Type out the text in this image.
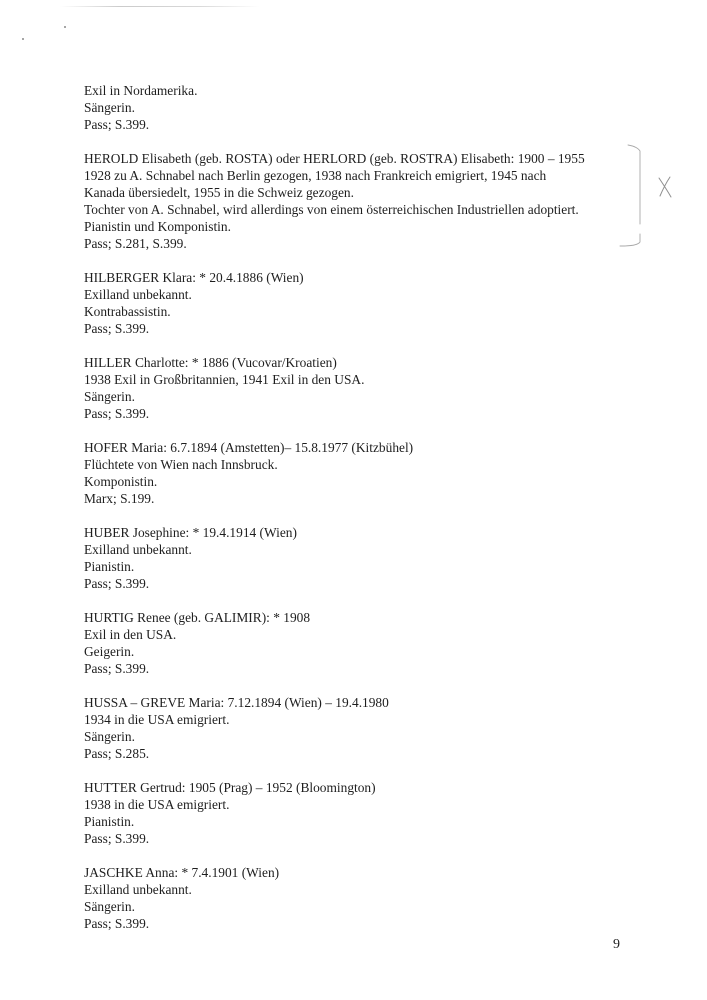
Exil in Nordamerika.
Sängerin.
Pass; S.399.
HEROLD Elisabeth (geb. ROSTA) oder HERLORD (geb. ROSTRA) Elisabeth: 1900 – 1955
1928 zu A. Schnabel nach Berlin gezogen, 1938 nach Frankreich emigriert, 1945 nach
Kanada übersiedelt, 1955 in die Schweiz gezogen.
Tochter von A. Schnabel, wird allerdings von einem österreichischen Industriellen adoptiert.
Pianistin und Komponistin.
Pass; S.281, S.399.
HILBERGER Klara: * 20.4.1886 (Wien)
Exilland unbekannt.
Kontrabassistin.
Pass; S.399.
HILLER Charlotte: * 1886 (Vucovar/Kroatien)
1938 Exil in Großbritannien, 1941 Exil in den USA.
Sängerin.
Pass; S.399.
HOFER Maria: 6.7.1894 (Amstetten)– 15.8.1977 (Kitzbühel)
Flüchtete von Wien nach Innsbruck.
Komponistin.
Marx; S.199.
HUBER Josephine: * 19.4.1914 (Wien)
Exilland unbekannt.
Pianistin.
Pass; S.399.
HURTIG Renee (geb. GALIMIR): * 1908
Exil in den USA.
Geigerin.
Pass; S.399.
HUSSA – GREVE Maria: 7.12.1894 (Wien) – 19.4.1980
1934 in die USA emigriert.
Sängerin.
Pass; S.285.
HUTTER Gertrud: 1905 (Prag) – 1952 (Bloomington)
1938 in die USA emigriert.
Pianistin.
Pass; S.399.
JASCHKE Anna: * 7.4.1901 (Wien)
Exilland unbekannt.
Sängerin.
Pass; S.399.
9
